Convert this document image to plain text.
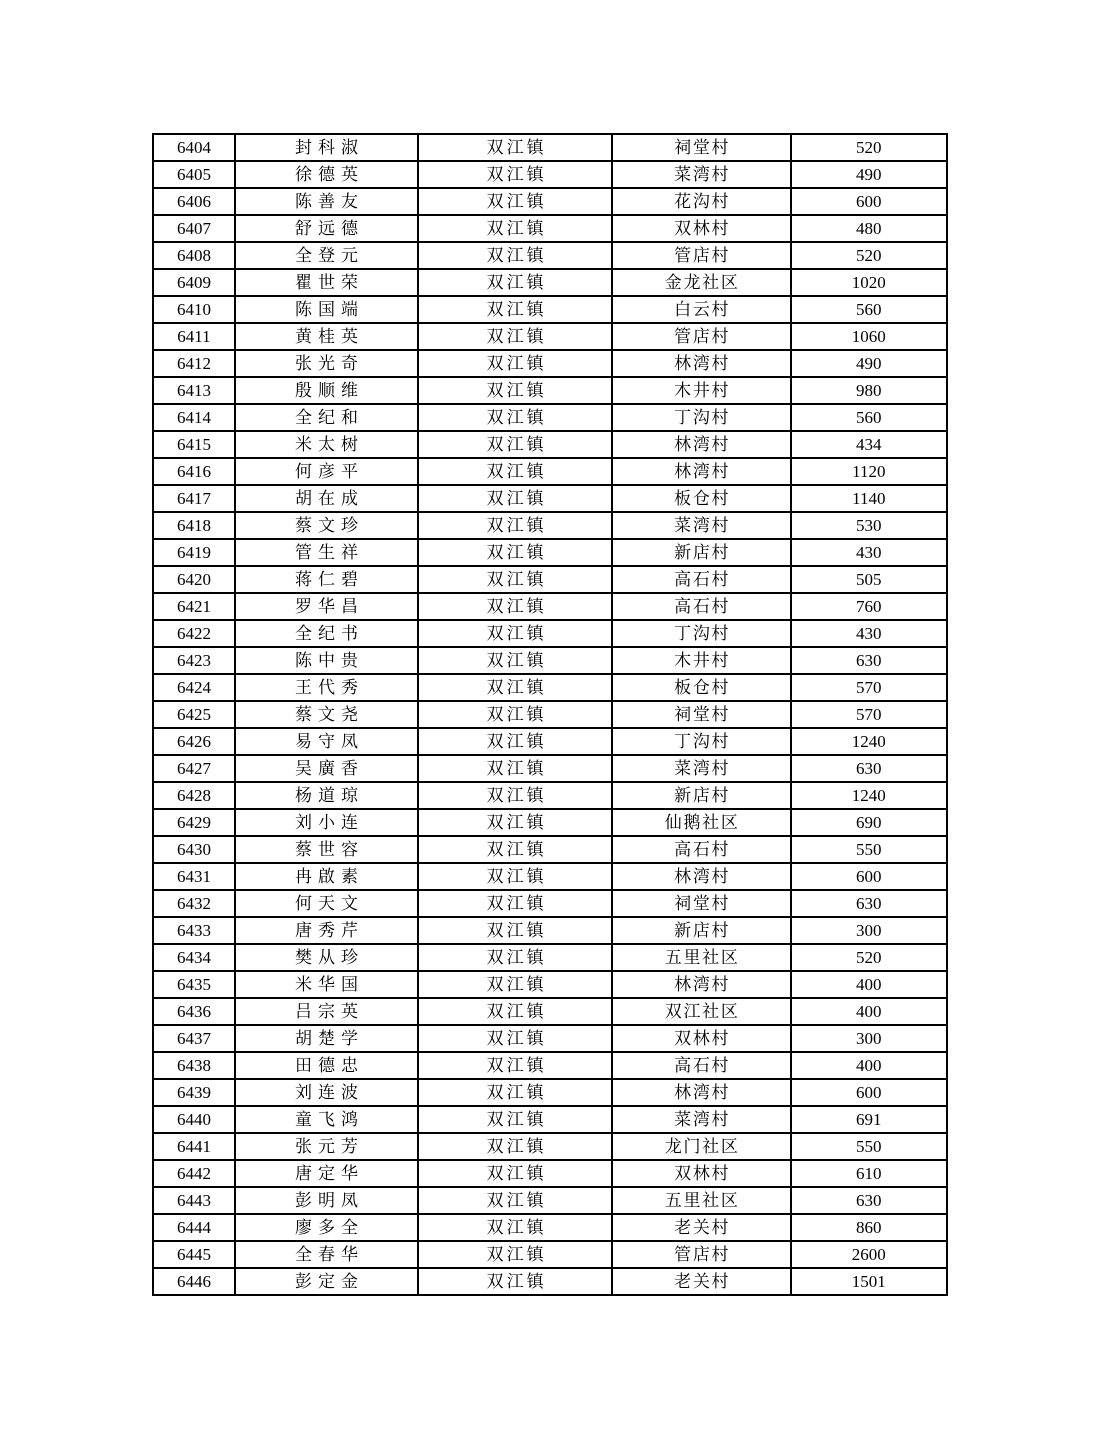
6404	封科淑	双江镇	祠堂村	520
6405	徐德英	双江镇	菜湾村	490
6406	陈善友	双江镇	花沟村	600
6407	舒远德	双江镇	双林村	480
6408	全登元	双江镇	管店村	520
6409	瞿世荣	双江镇	金龙社区	1020
6410	陈国端	双江镇	白云村	560
6411	黄桂英	双江镇	管店村	1060
6412	张光奇	双江镇	林湾村	490
6413	殷顺维	双江镇	木井村	980
6414	全纪和	双江镇	丁沟村	560
6415	米太树	双江镇	林湾村	434
6416	何彦平	双江镇	林湾村	1120
6417	胡在成	双江镇	板仓村	1140
6418	蔡文珍	双江镇	菜湾村	530
6419	管生祥	双江镇	新店村	430
6420	蒋仁碧	双江镇	高石村	505
6421	罗华昌	双江镇	高石村	760
6422	全纪书	双江镇	丁沟村	430
6423	陈中贵	双江镇	木井村	630
6424	王代秀	双江镇	板仓村	570
6425	蔡文尧	双江镇	祠堂村	570
6426	易守凤	双江镇	丁沟村	1240
6427	吴廣香	双江镇	菜湾村	630
6428	杨道琼	双江镇	新店村	1240
6429	刘小连	双江镇	仙鹅社区	690
6430	蔡世容	双江镇	高石村	550
6431	冉啟素	双江镇	林湾村	600
6432	何天文	双江镇	祠堂村	630
6433	唐秀芹	双江镇	新店村	300
6434	樊从珍	双江镇	五里社区	520
6435	米华国	双江镇	林湾村	400
6436	吕宗英	双江镇	双江社区	400
6437	胡楚学	双江镇	双林村	300
6438	田德忠	双江镇	高石村	400
6439	刘连波	双江镇	林湾村	600
6440	童飞鸿	双江镇	菜湾村	691
6441	张元芳	双江镇	龙门社区	550
6442	唐定华	双江镇	双林村	610
6443	彭明凤	双江镇	五里社区	630
6444	廖多全	双江镇	老关村	860
6445	全春华	双江镇	管店村	2600
6446	彭定金	双江镇	老关村	1501
